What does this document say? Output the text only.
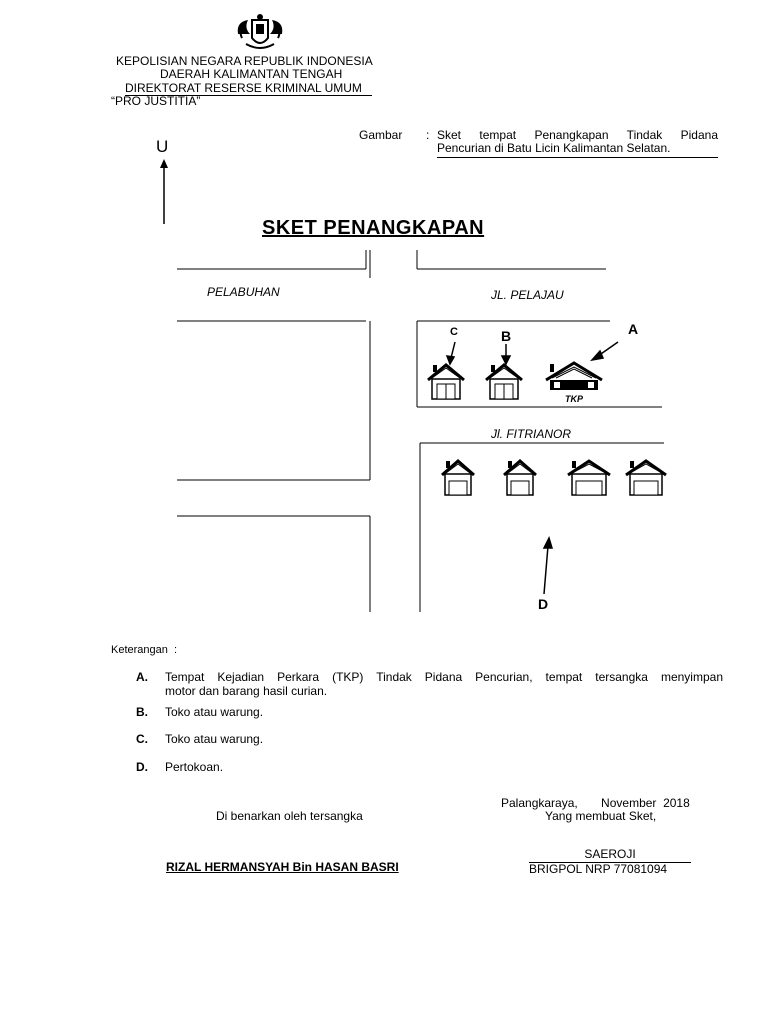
KEPOLISIAN NEGARA REPUBLIK INDONESIA
DAERAH KALIMANTAN TENGAH
DIREKTORAT RESERSE KRIMINAL UMUM
“PRO JUSTITIA”
U
Gambar : Sket tempat Penangkapan Tindak Pidana
Pencurian di Batu Licin Kalimantan Selatan.
SKET PENANGKAPAN
PELABUHAN	JL. PELAJAU
Jl. FITRIANOR
C	B	A
D
TKP
Keterangan  :
A. Tempat Kejadian Perkara (TKP) Tindak Pidana Pencurian, tempat tersangka menyimpan
motor dan barang hasil curian.
B. Toko atau warung.
C. Toko atau warung.
D. Pertokoan.
Palangkaraya,       November  2018
Yang membuat Sket,
Di benarkan oleh tersangka
RIZAL HERMANSYAH Bin HASAN BASRI
SAEROJI
BRIGPOL NRP 77081094
